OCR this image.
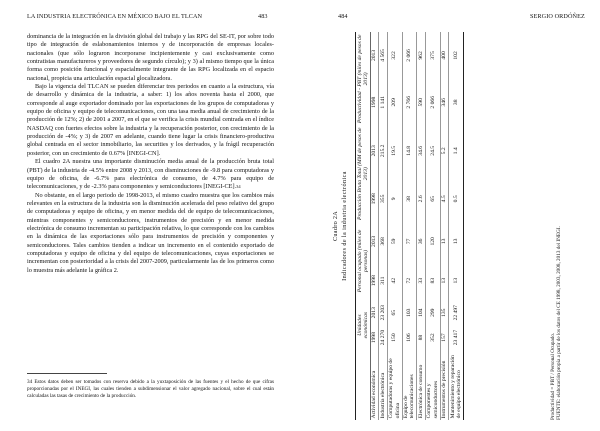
LA INDUSTRIA ELECTRÓNICA EN MÉXICO BAJO EL TLCAN	483

dominancia de la integración en la división global del trabajo y las RPG del SE-IT, por sobre todo tipo de integración de eslabonamientos internos y de incorporación de empresas locales-nacionales (que sólo lograron incorporarse incipientemente y casi exclusivamente como contratistas manufactureros y proveedores de segundo círculo); y 3) al mismo tiempo que la única forma como posición funcional y espacialmente integrante de las RPG localizada en el espacio nacional, propicia una articulación espacial glocalizadora.

Bajo la vigencia del TLCAN se pueden diferenciar tres periodos en cuanto a la estructura, vía de desarrollo y dinámica de la industria, a saber: 1) los años noventa hasta el 2000, que corresponde al auge exportador dominado por las exportaciones de los grupos de computadoras y equipo de oficina y equipo de telecomunicaciones, con una tasa media anual de crecimiento de la producción de 12%; 2) de 2001 a 2007, en el que se verifica la crisis mundial centrada en el índice NASDAQ con fuertes efectos sobre la industria y la recuperación posterior, con crecimiento de la producción de -4%; y 3) de 2007 en adelante, cuando tiene lugar la crisis financiero-productiva global centrada en el sector inmobiliario, las securities y los derivados, y la frágil recuperación posterior, con un crecimiento de 0.67% [INEGI-CN].

El cuadro 2A nuestra una importante disminución media anual de la producción bruta total (PBT) de la industria de -4.5% entre 2008 y 2013, con disminuciones de -9.8 para computadoras y equipo de oficina, de -6.7% para electrónica de consumo, de 4.7% para equipo de telecomunicaciones, y de -2.3% para componentes y semiconductores [INEGI-CE].$^{34}$

No obstante, en el largo periodo de 1998-2013, el mismo cuadro muestra que los cambios más relevantes en la estructura de la industria son la disminución acelerada del peso relativo del grupo de computadoras y equipo de oficina, y en menor medida del de equipo de telecomunicaciones, mientras componentes y semiconductores, instrumentos de precisión y en menor medida electrónica de consumo incrementan su participación relativa, lo que corresponde con los cambios en la dinámica de las exportaciones sólo para instrumentos de precisión y componentes y semiconductores. Tales cambios tienden a indicar un incremento en el contenido exportado de computadoras y equipo de oficina y del equipo de telecomunicaciones, cuyas exportaciones se incrementan con posterioridad a la crisis del 2007-2009, particularmente las de los primeros como lo muestra más adelante la gráfica 2.

34 Estos datos deben ser tomados con reserva debido a la yuxtaposición de las fuentes y el hecho de que cifras proporcionadas por el INEGI, las cuales tienden a subdimensionar el valor agregado nacional, sobre el cual están calculadas las tasas de crecimiento de la producción.
484	SERGIO ORDÓÑEZ
Cuadro 2A Indicadores de la industria electrónica
	Unidades económicas		Personal ocupado (miles de personas)		Producción Bruta Total (MM de pesos de 2013)		Productividad - PBT (miles de pesos de 2013)	
Actividad económica	1998	2013	1998	2013	1998	2013	1998	2013
Industria electrónica	24 270	23 203	311	368	355	215.2	1 141	4 565
Computadoras y equipo de oficina	150	65	42	59	9	19.5	209	322
Equipo de telecomunicaciones	106	103	72	77	38	14.8	2 766	2 066
Electrónica de consumo	88	104	33	36	2.6	34.6	590	962
Componentes y semiconductores	352	299	83	120	65	24.5	2 066	375
Instrumentos de precisión	157	135	13	13	4.5	5.2	346	400
Mantenimiento y reparación de equipo electrónico	23 417	22 497	13	13	0.5	1.4	38	102
Productividad = PBT / Personal Ocupado. FUENTE: elaboración propia a partir de los datos del CE 1998, 2003, 2008, 2013 del INEGI.
